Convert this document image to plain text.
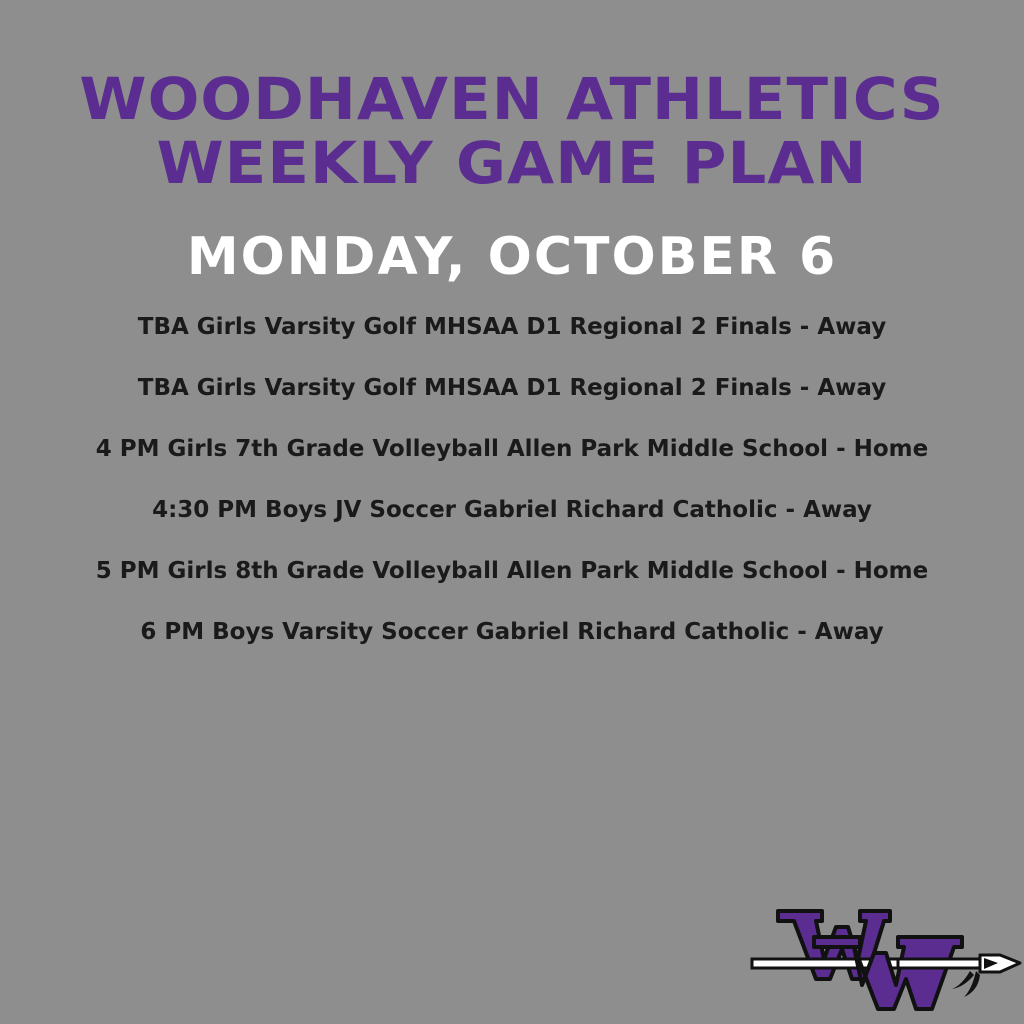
WOODHAVEN ATHLETICS
WEEKLY GAME PLAN
MONDAY, OCTOBER 6
TBA Girls Varsity Golf MHSAA D1 Regional 2 Finals - Away
TBA Girls Varsity Golf MHSAA D1 Regional 2 Finals - Away
4 PM Girls 7th Grade Volleyball Allen Park Middle School - Home
4:30 PM Boys JV Soccer Gabriel Richard Catholic - Away
5 PM Girls 8th Grade Volleyball Allen Park Middle School - Home
6 PM Boys Varsity Soccer Gabriel Richard Catholic - Away
